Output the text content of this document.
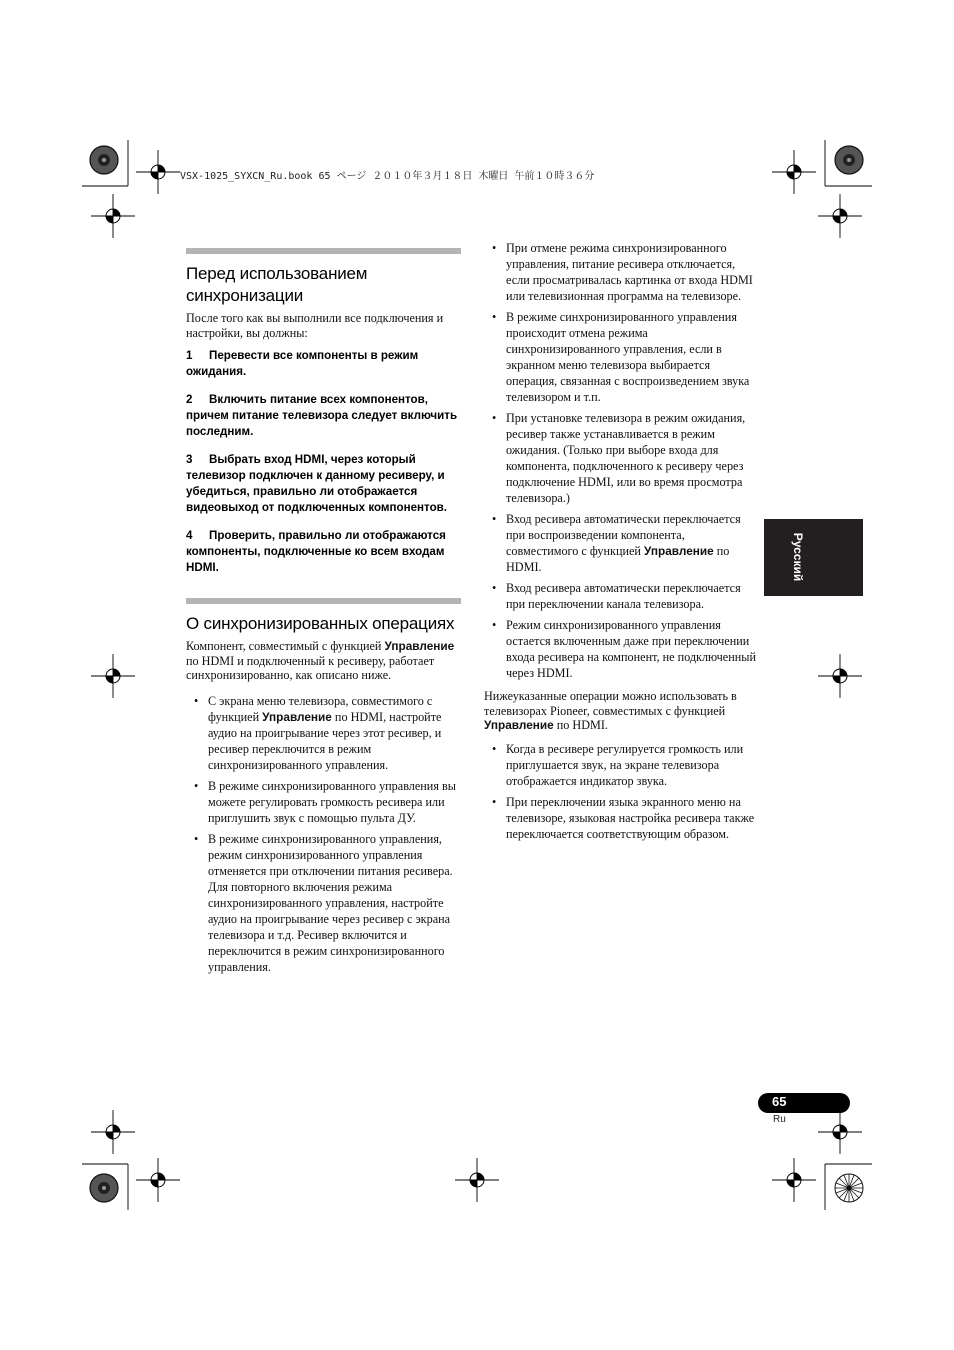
VSX-1025_SYXCN_Ru.book 65 ページ ２０１０年３月１８日 木曜日 午前１０時３６分
Перед использованием синхронизации

После того как вы выполнили все подключения и настройки, вы должны:

1 Перевести все компоненты в режим ожидания.
2 Включить питание всех компонентов, причем питание телевизора следует включить последним.
3 Выбрать вход HDMI, через который телевизор подключен к данному ресиверу, и убедиться, правильно ли отображается видеовыход от подключенных компонентов.
4 Проверить, правильно ли отображаются компоненты, подключенные ко всем входам HDMI.
О синхронизированных операциях

Компонент, совместимый с функцией Управление по HDMI и подключенный к ресиверу, работает синхронизированно, как описано ниже.

• С экрана меню телевизора, совместимого с функцией Управление по HDMI, настройте аудио на проигрывание через этот ресивер, и ресивер переключится в режим синхронизированного управления.
• В режиме синхронизированного управления вы можете регулировать громкость ресивера или приглушить звук с помощью пульта ДУ.
• В режиме синхронизированного управления, режим синхронизированного управления отменяется при отключении питания ресивера. Для повторного включения режима синхронизированного управления, настройте аудио на проигрывание через ресивер с экрана телевизора и т.д. Ресивер включится и переключится в режим синхронизированного управления.
• При отмене режима синхронизированного управления, питание ресивера отключается, если просматривалась картинка от входа HDMI или телевизионная программа на телевизоре.
• В режиме синхронизированного управления происходит отмена режима синхронизированного управления, если в экранном меню телевизора выбирается операция, связанная с воспроизведением звука телевизором и т.п.
• При установке телевизора в режим ожидания, ресивер также устанавливается в режим ожидания. (Только при выборе входа для компонента, подключенного к ресиверу через подключение HDMI, или во время просмотра телевизора.)
• Вход ресивера автоматически переключается при воспроизведении компонента, совместимого с функцией Управление по HDMI.
• Вход ресивера автоматически переключается при переключении канала телевизора.
• Режим синхронизированного управления остается включенным даже при переключении входа ресивера на компонент, не подключенный через HDMI.

Нижеуказанные операции можно использовать в телевизорах Pioneer, совместимых с функцией Управление по HDMI.

• Когда в ресивере регулируется громкость или приглушается звук, на экране телевизора отображается индикатор звука.
• При переключении языка экранного меню на телевизоре, языковая настройка ресивера также переключается соответствующим образом.
Русский
65
Ru
